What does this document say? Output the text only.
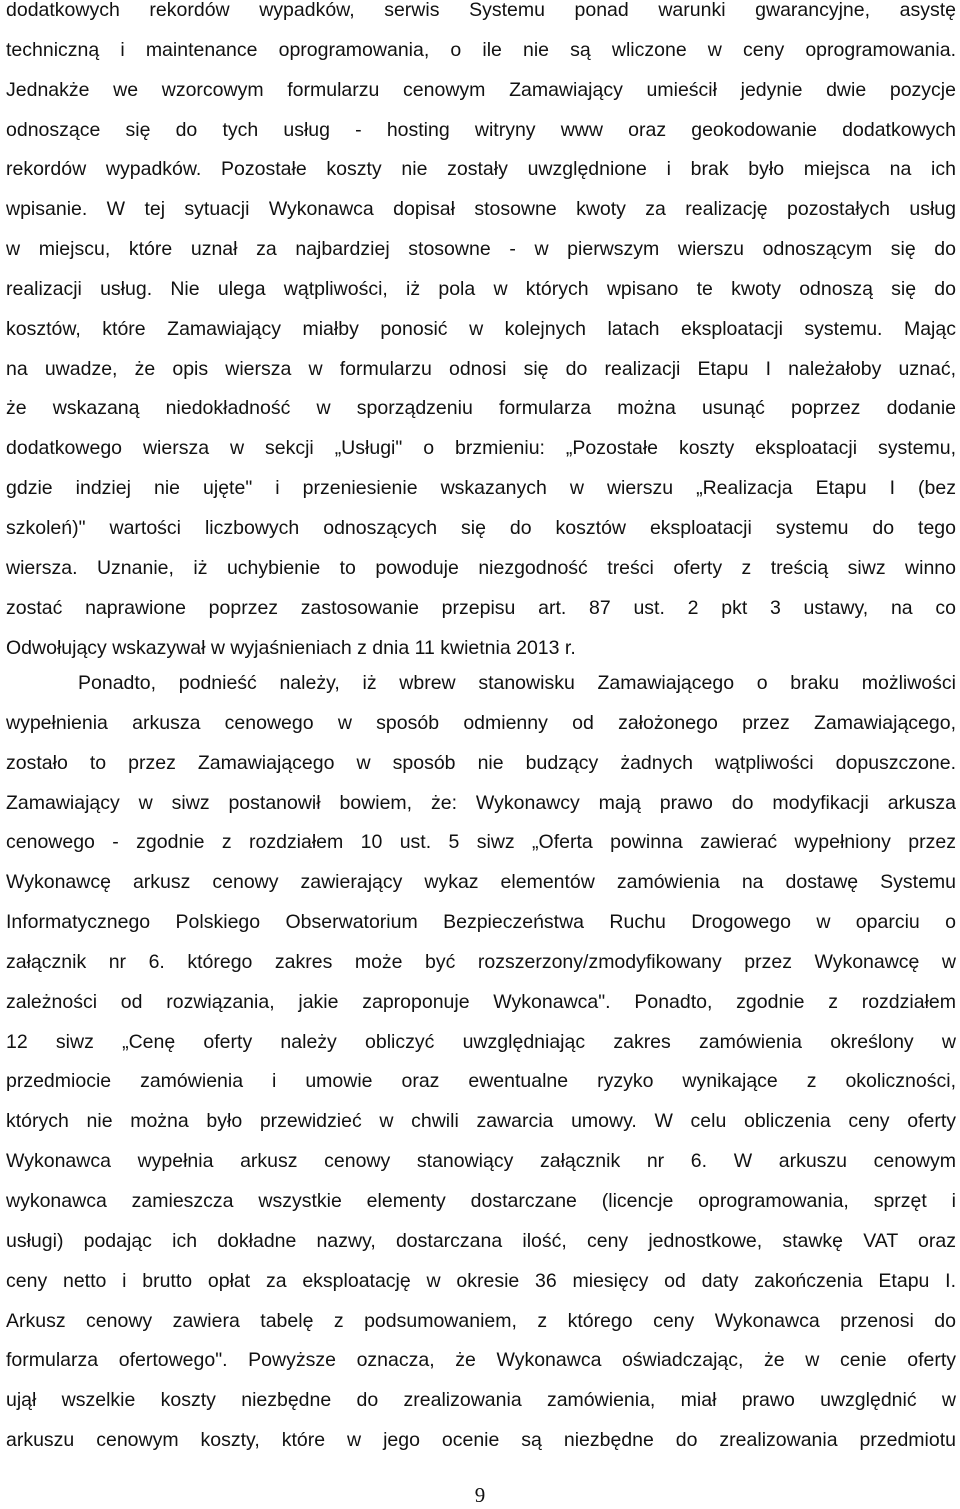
dodatkowych rekordów wypadków, serwis Systemu ponad warunki gwarancyjne, asystę
techniczną i maintenance oprogramowania, o ile nie są wliczone w ceny oprogramowania.
Jednakże we wzorcowym formularzu cenowym Zamawiający umieścił jedynie dwie pozycje
odnoszące się do tych usług - hosting witryny www oraz geokodowanie dodatkowych
rekordów wypadków. Pozostałe koszty nie zostały uwzględnione i brak było miejsca na ich
wpisanie. W tej sytuacji Wykonawca dopisał stosowne kwoty za realizację pozostałych usług
w miejscu, które uznał za najbardziej stosowne - w pierwszym wierszu odnoszącym się do
realizacji usług. Nie ulega wątpliwości, iż pola w których wpisano te kwoty odnoszą się do
kosztów, które Zamawiający miałby ponosić w kolejnych latach eksploatacji systemu. Mając
na uwadze, że opis wiersza w formularzu odnosi się do realizacji Etapu I należałoby uznać,
że wskazaną niedokładność w sporządzeniu formularza można usunąć poprzez dodanie
dodatkowego wiersza w sekcji „Usługi" o brzmieniu: „Pozostałe koszty eksploatacji systemu,
gdzie indziej nie ujęte" i przeniesienie wskazanych w wierszu „Realizacja Etapu I (bez
szkoleń)" wartości liczbowych odnoszących się do kosztów eksploatacji systemu do tego
wiersza. Uznanie, iż uchybienie to powoduje niezgodność treści oferty z treścią siwz winno
zostać naprawione poprzez zastosowanie przepisu art. 87 ust. 2 pkt 3 ustawy, na co
Odwołujący wskazywał w wyjaśnieniach z dnia 11 kwietnia 2013 r.
Ponadto, podnieść należy, iż wbrew stanowisku Zamawiającego o braku możliwości
wypełnienia arkusza cenowego w sposób odmienny od założonego przez Zamawiającego,
zostało to przez Zamawiającego w sposób nie budzący żadnych wątpliwości dopuszczone.
Zamawiający w siwz postanowił bowiem, że: Wykonawcy mają prawo do modyfikacji arkusza
cenowego - zgodnie z rozdziałem 10 ust. 5 siwz „Oferta powinna zawierać wypełniony przez
Wykonawcę arkusz cenowy zawierający wykaz elementów zamówienia na dostawę Systemu
Informatycznego Polskiego Obserwatorium Bezpieczeństwa Ruchu Drogowego w oparciu o
załącznik nr 6. którego zakres może być rozszerzony/zmodyfikowany przez Wykonawcę w
zależności od rozwiązania, jakie zaproponuje Wykonawca". Ponadto, zgodnie z rozdziałem
12 siwz „Cenę oferty należy obliczyć uwzględniając zakres zamówienia określony w
przedmiocie zamówienia i umowie oraz ewentualne ryzyko wynikające z okoliczności,
których nie można było przewidzieć w chwili zawarcia umowy. W celu obliczenia ceny oferty
Wykonawca wypełnia arkusz cenowy stanowiący załącznik nr 6. W arkuszu cenowym
wykonawca zamieszcza wszystkie elementy dostarczane (licencje oprogramowania, sprzęt i
usługi) podając ich dokładne nazwy, dostarczana ilość, ceny jednostkowe, stawkę VAT oraz
ceny netto i brutto opłat za eksploatację w okresie 36 miesięcy od daty zakończenia Etapu I.
Arkusz cenowy zawiera tabelę z podsumowaniem, z którego ceny Wykonawca przenosi do
formularza ofertowego". Powyższe oznacza, że Wykonawca oświadczając, że w cenie oferty
ujął wszelkie koszty niezbędne do zrealizowania zamówienia, miał prawo uwzględnić w
arkuszu cenowym koszty, które w jego ocenie są niezbędne do zrealizowania przedmiotu
9
